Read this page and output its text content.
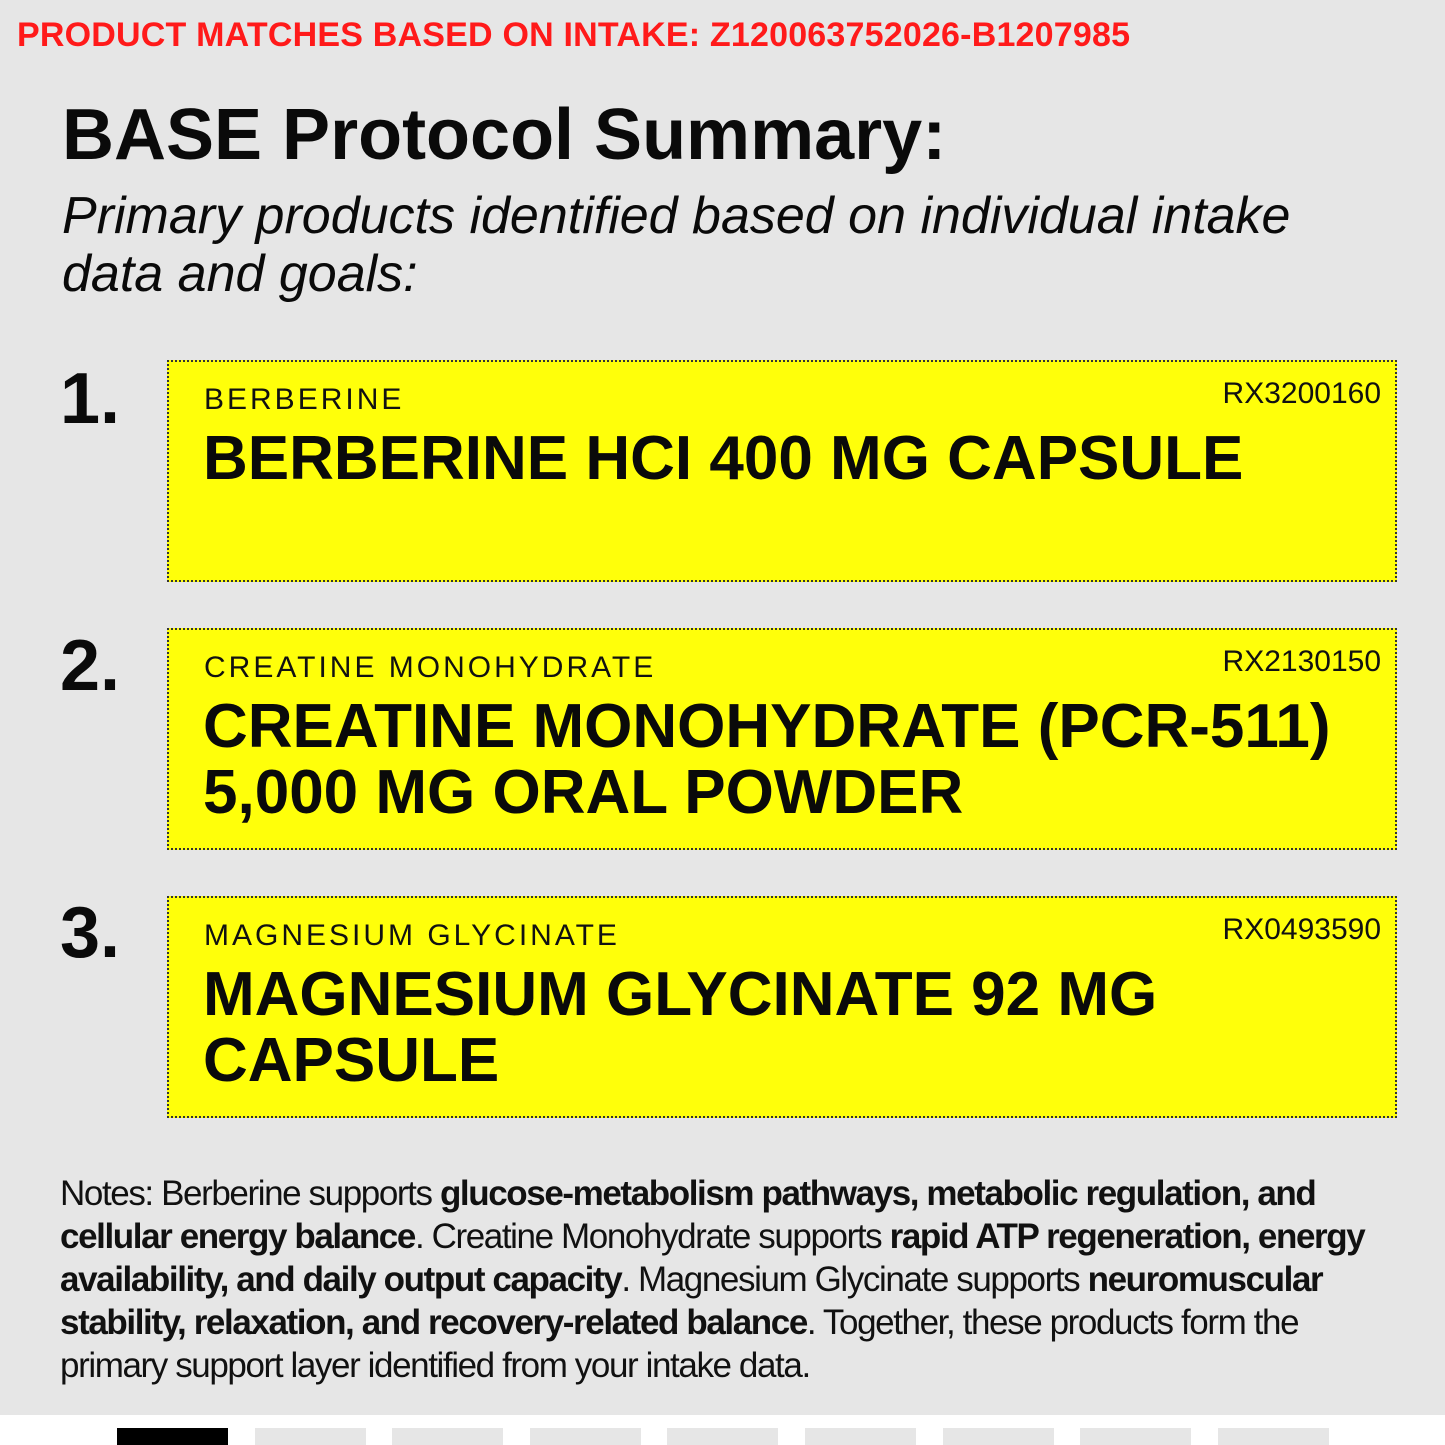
PRODUCT MATCHES BASED ON INTAKE: Z120063752026-B1207985
BASE Protocol Summary:

Primary products identified based on individual intake data and goals:

1.	BERBERINE	RX3200160
BERBERINE HCI 400 MG CAPSULE
2.	CREATINE MONOHYDRATE	RX2130150
CREATINE MONOHYDRATE (PCR-511) 5,000 MG ORAL POWDER
3.	MAGNESIUM GLYCINATE	RX0493590
MAGNESIUM GLYCINATE 92 MG CAPSULE

Notes: Berberine supports glucose-metabolism pathways, metabolic regulation, and cellular energy balance. Creatine Monohydrate supports rapid ATP regeneration, energy availability, and daily output capacity. Magnesium Glycinate supports neuromuscular stability, relaxation, and recovery-related balance. Together, these products form the primary support layer identified from your intake data.
